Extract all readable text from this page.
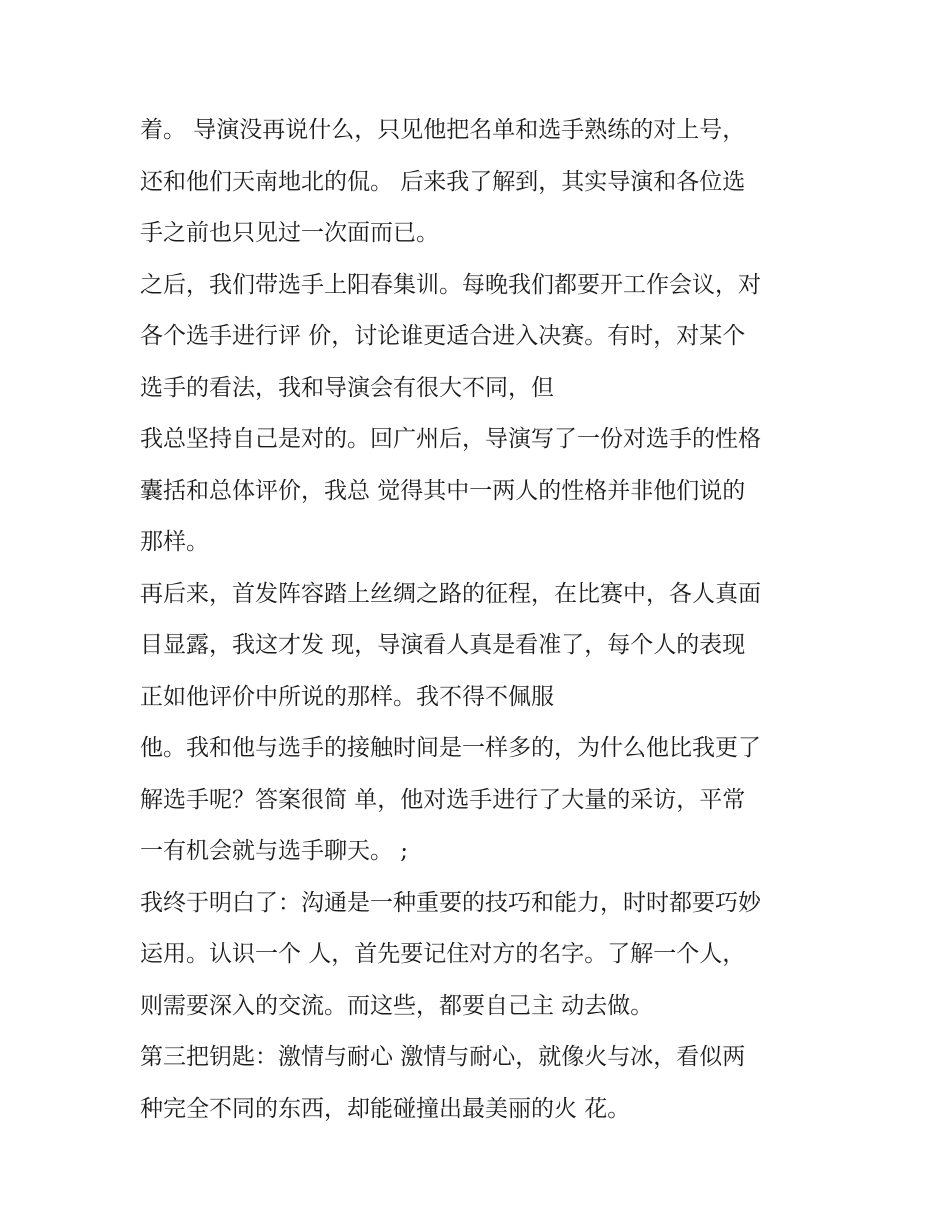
着。 导演没再说什么，只见他把名单和选手熟练的对上号，
还和他们天南地北的侃。 后来我了解到，其实导演和各位选
手之前也只见过一次面而已。
之后，我们带选手上阳春集训。每晚我们都要开工作会议，对
各个选手进行评 价，讨论谁更适合进入决赛。有时，对某个
选手的看法，我和导演会有很大不同，但
我总坚持自己是对的。回广州后，导演写了一份对选手的性格
囊括和总体评价，我总 觉得其中一两人的性格并非他们说的
那样。
再后来，首发阵容踏上丝绸之路的征程，在比赛中，各人真面
目显露，我这才发 现，导演看人真是看准了，每个人的表现
正如他评价中所说的那样。我不得不佩服
他。我和他与选手的接触时间是一样多的，为什么他比我更了
解选手呢？答案很简 单，他对选手进行了大量的采访，平常
一有机会就与选手聊天。 ;
我终于明白了：沟通是一种重要的技巧和能力，时时都要巧妙
运用。认识一个 人，首先要记住对方的名字。了解一个人，
则需要深入的交流。而这些，都要自己主 动去做。
第三把钥匙：激情与耐心 激情与耐心，就像火与冰，看似两
种完全不同的东西，却能碰撞出最美丽的火 花。
